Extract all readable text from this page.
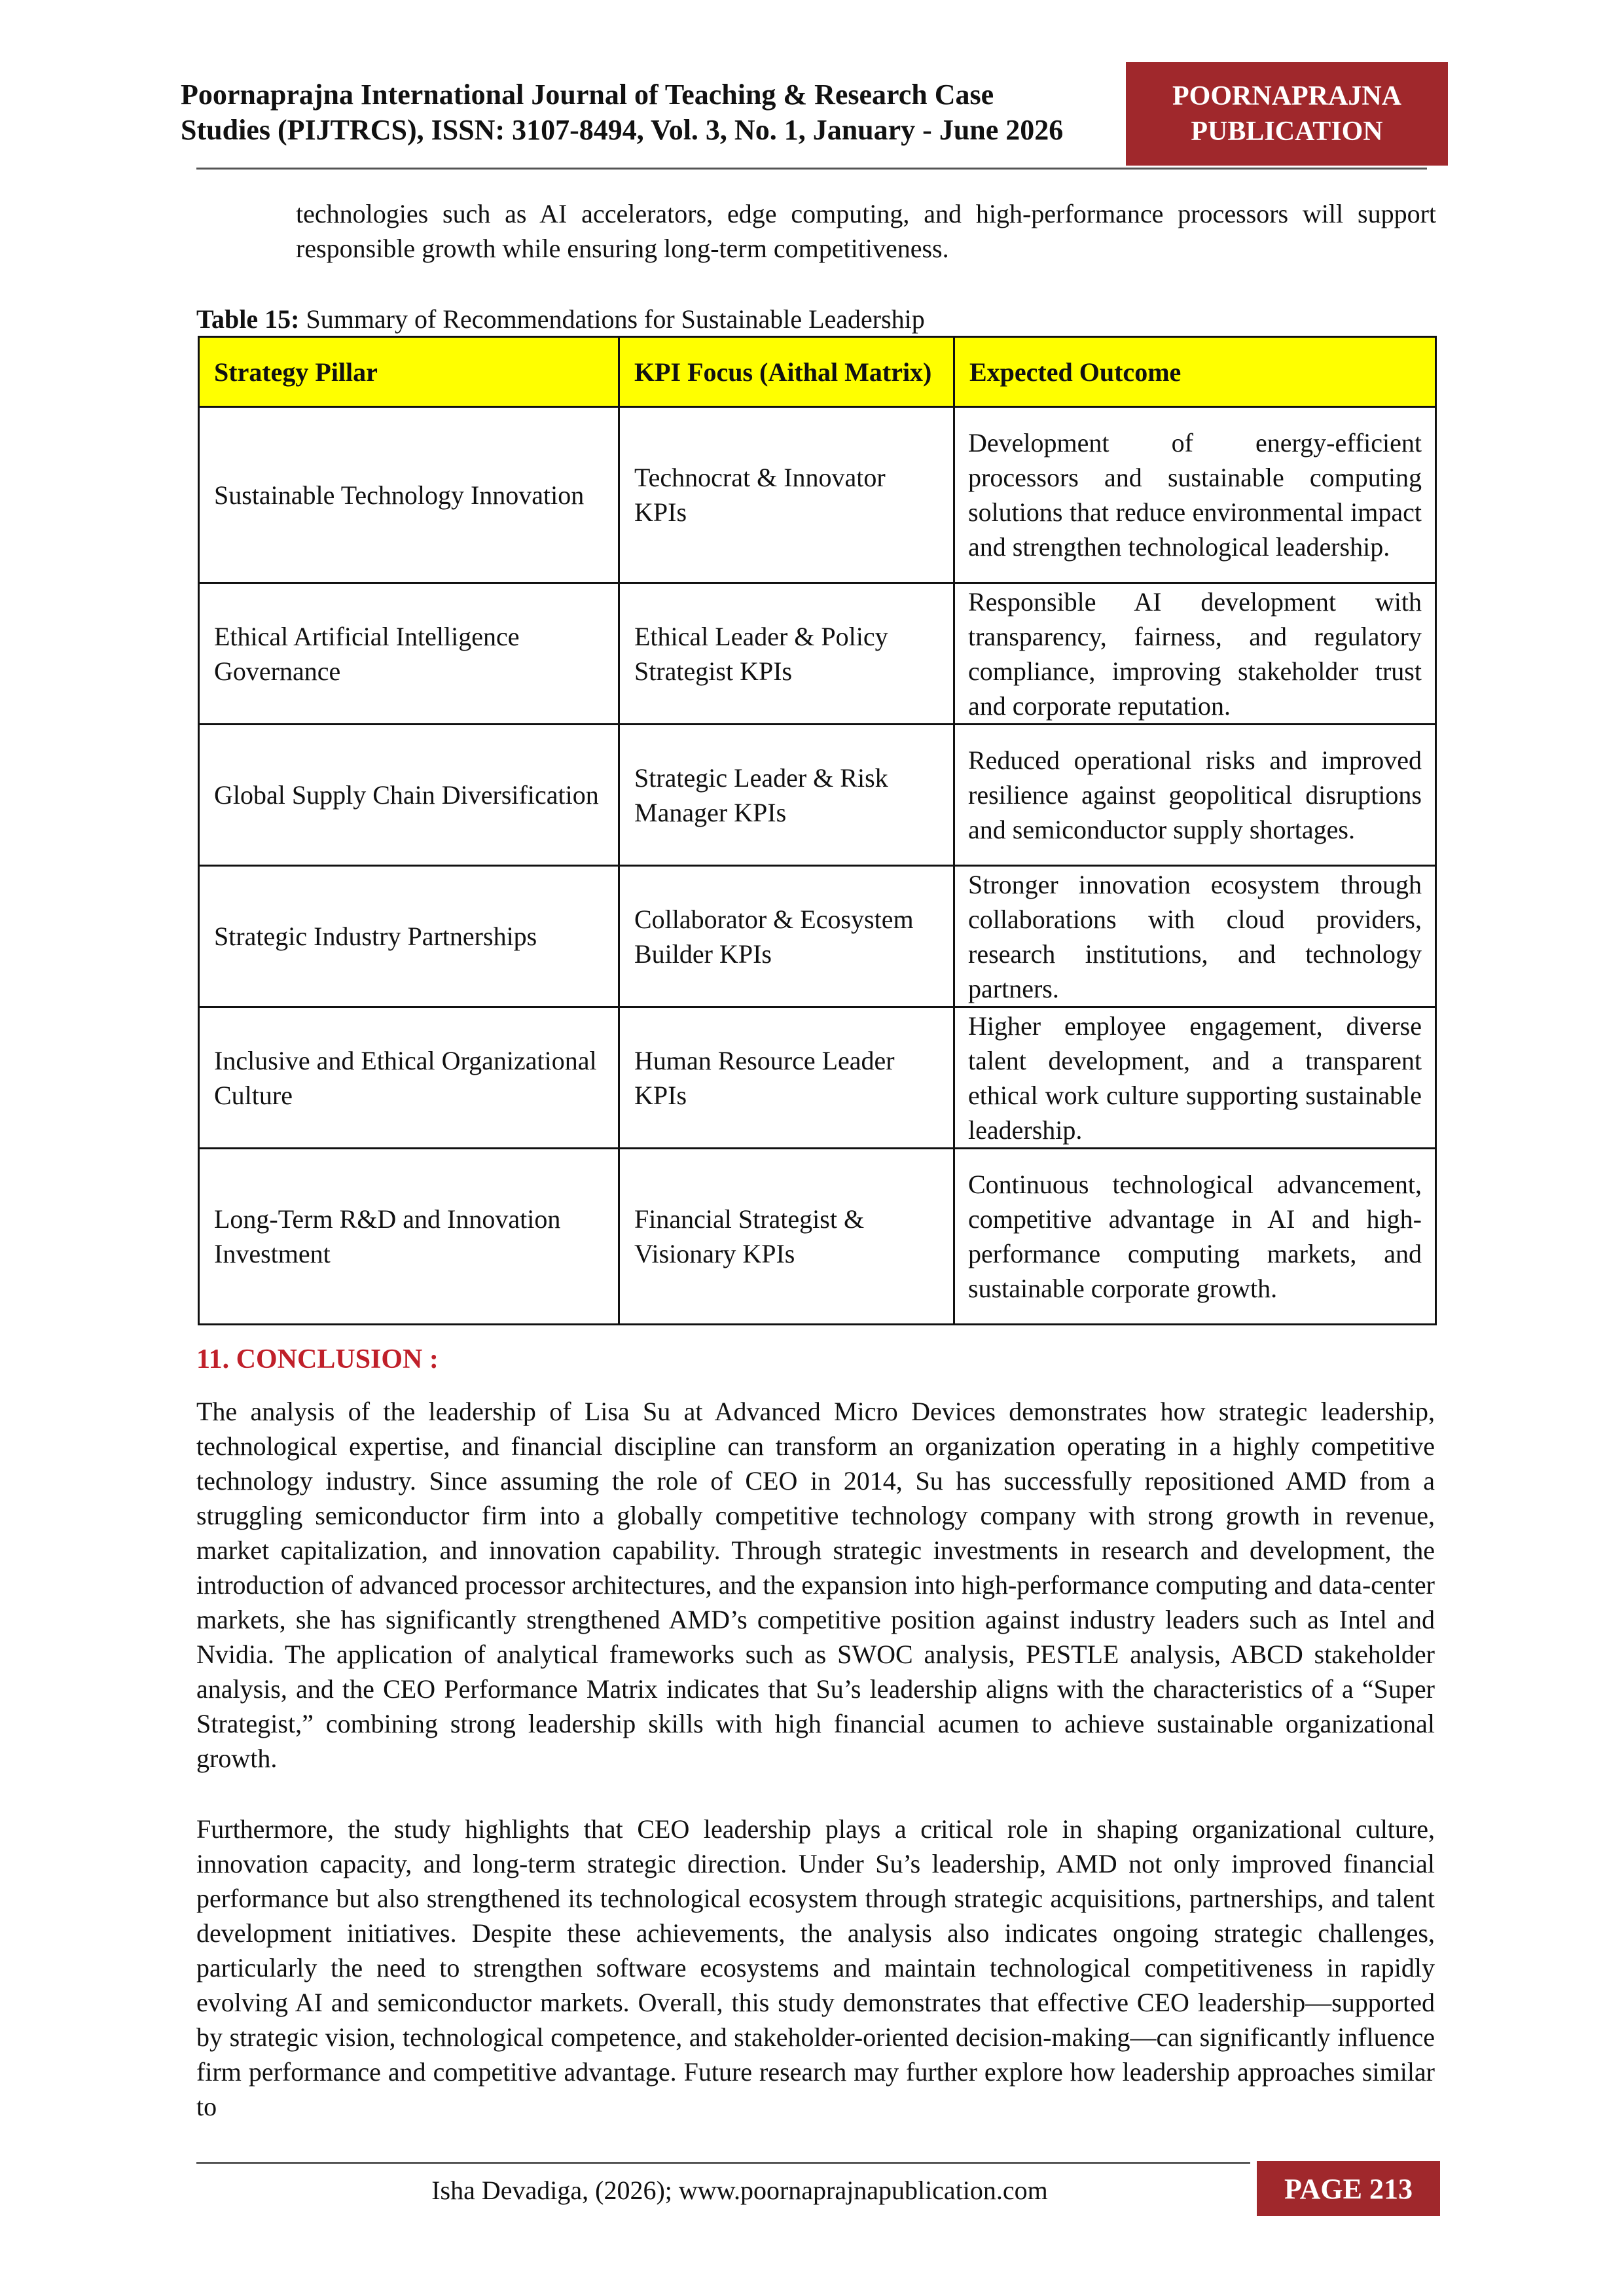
Poornaprajna International Journal of Teaching & Research Case
Studies (PIJTRCS), ISSN: 3107-8494, Vol. 3, No. 1, January - June 2026
POORNAPRAJNA
PUBLICATION
technologies such as AI accelerators, edge computing, and high-performance processors will support responsible growth while ensuring long-term competitiveness.
Table 15: Summary of Recommendations for Sustainable Leadership
Strategy Pillar	KPI Focus (Aithal Matrix)	Expected Outcome
Sustainable Technology Innovation	Technocrat & Innovator KPIs	Development of energy-efficient processors and sustainable computing solutions that reduce environmental impact and strengthen technological leadership.
Ethical Artificial Intelligence Governance	Ethical Leader & Policy Strategist KPIs	Responsible AI development with transparency, fairness, and regulatory compliance, improving stakeholder trust and corporate reputation.
Global Supply Chain Diversification	Strategic Leader & Risk Manager KPIs	Reduced operational risks and improved resilience against geopolitical disruptions and semiconductor supply shortages.
Strategic Industry Partnerships	Collaborator & Ecosystem Builder KPIs	Stronger innovation ecosystem through collaborations with cloud providers, research institutions, and technology partners.
Inclusive and Ethical Organizational Culture	Human Resource Leader KPIs	Higher employee engagement, diverse talent development, and a transparent ethical work culture supporting sustainable leadership.
Long-Term R&D and Innovation Investment	Financial Strategist & Visionary KPIs	Continuous technological advancement, competitive advantage in AI and high-performance computing markets, and sustainable corporate growth.
11. CONCLUSION :
The analysis of the leadership of Lisa Su at Advanced Micro Devices demonstrates how strategic leadership, technological expertise, and financial discipline can transform an organization operating in a highly competitive technology industry. Since assuming the role of CEO in 2014, Su has successfully repositioned AMD from a struggling semiconductor firm into a globally competitive technology company with strong growth in revenue, market capitalization, and innovation capability. Through strategic investments in research and development, the introduction of advanced processor architectures, and the expansion into high-performance computing and data-center markets, she has significantly strengthened AMD’s competitive position against industry leaders such as Intel and Nvidia. The application of analytical frameworks such as SWOC analysis, PESTLE analysis, ABCD stakeholder analysis, and the CEO Performance Matrix indicates that Su’s leadership aligns with the characteristics of a “Super Strategist,” combining strong leadership skills with high financial acumen to achieve sustainable organizational growth.
Furthermore, the study highlights that CEO leadership plays a critical role in shaping organizational culture, innovation capacity, and long-term strategic direction. Under Su’s leadership, AMD not only improved financial performance but also strengthened its technological ecosystem through strategic acquisitions, partnerships, and talent development initiatives. Despite these achievements, the analysis also indicates ongoing strategic challenges, particularly the need to strengthen software ecosystems and maintain technological competitiveness in rapidly evolving AI and semiconductor markets. Overall, this study demonstrates that effective CEO leadership—supported by strategic vision, technological competence, and stakeholder-oriented decision-making—can significantly influence firm performance and competitive advantage. Future research may further explore how leadership approaches similar to
Isha Devadiga, (2026); www.poornaprajnapublication.com	PAGE 213
